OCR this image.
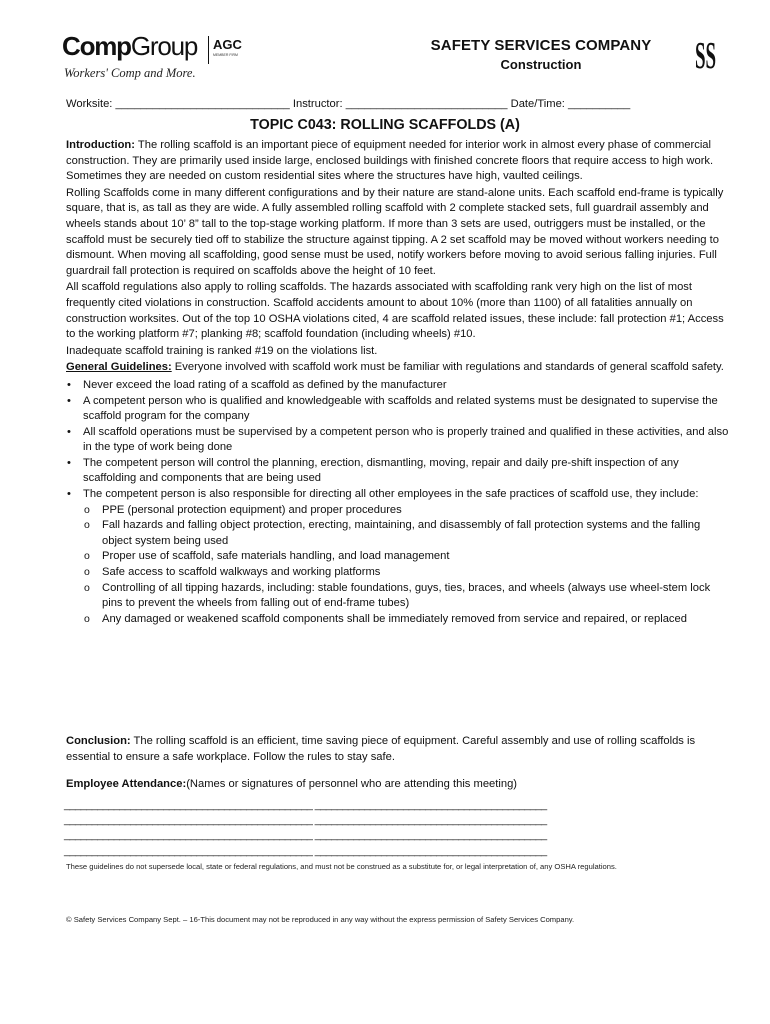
CompGroup AGC
MEMBER FIRM
Workers' Comp and More.
SAFETY SERVICES COMPANY
Construction	SS
Worksite: ____________________________ Instructor: __________________________ Date/Time: __________
TOPIC C043: ROLLING SCAFFOLDS (A)

Introduction: The rolling scaffold is an important piece of equipment needed for interior work in almost every phase of commercial construction. They are primarily used inside large, enclosed buildings with finished concrete floors that require access to high work. Sometimes they are needed on custom residential sites where the structures have high, vaulted ceilings.

Rolling Scaffolds come in many different configurations and by their nature are stand-alone units. Each scaffold end-frame is typically square, that is, as tall as they are wide. A fully assembled rolling scaffold with 2 complete stacked sets, full guardrail assembly and wheels stands about 10’ 8” tall to the top-stage working platform. If more than 3 sets are used, outriggers must be installed, or the scaffold must be securely tied off to stabilize the structure against tipping. A 2 set scaffold may be moved without workers needing to dismount. When moving all scaffolding, good sense must be used, notify workers before moving to avoid serious falling injuries. Full guardrail fall protection is required on scaffolds above the height of 10 feet.

All scaffold regulations also apply to rolling scaffolds. The hazards associated with scaffolding rank very high on the list of most frequently cited violations in construction. Scaffold accidents amount to about 10% (more than 1100) of all fatalities annually on construction worksites. Out of the top 10 OSHA violations cited, 4 are scaffold related issues, these include: fall protection #1; Access to the working platform #7; planking #8; scaffold foundation (including wheels) #10.

Inadequate scaffold training is ranked #19 on the violations list.

General Guidelines: Everyone involved with scaffold work must be familiar with regulations and standards of general scaffold safety.

• Never exceed the load rating of a scaffold as defined by the manufacturer
• A competent person who is qualified and knowledgeable with scaffolds and related systems must be designated to supervise the scaffold program for the company
• All scaffold operations must be supervised by a competent person who is properly trained and qualified in these activities, and also in the type of work being done
• The competent person will control the planning, erection, dismantling, moving, repair and daily pre-shift inspection of any scaffolding and components that are being used
• The competent person is also responsible for directing all other employees in the safe practices of scaffold use, they include:
o PPE (personal protection equipment) and proper procedures
o Fall hazards and falling object protection, erecting, maintaining, and disassembly of fall protection systems and the falling object system being used
o Proper use of scaffold, safe materials handling, and load management
o Safe access to scaffold walkways and working platforms
o Controlling of all tipping hazards, including: stable foundations, guys, ties, braces, and wheels (always use wheel-stem lock pins to prevent the wheels from falling out of end-frame tubes)
o Any damaged or weakened scaffold components shall be immediately removed from service and repaired, or replaced
Conclusion: The rolling scaffold is an efficient, time saving piece of equipment. Careful assembly and use of rolling scaffolds is essential to ensure a safe workplace. Follow the rules to stay safe.
Employee Attendance:(Names or signatures of personnel who are attending this meeting)
_____________________________________________ __________________________________________
_____________________________________________ __________________________________________
_____________________________________________ __________________________________________
_____________________________________________ __________________________________________
These guidelines do not supersede local, state or federal regulations, and must not be construed as a substitute for, or legal interpretation of, any OSHA regulations.
© Safety Services Company Sept. – 16-This document may not be reproduced in any way without the express permission of Safety Services Company.
